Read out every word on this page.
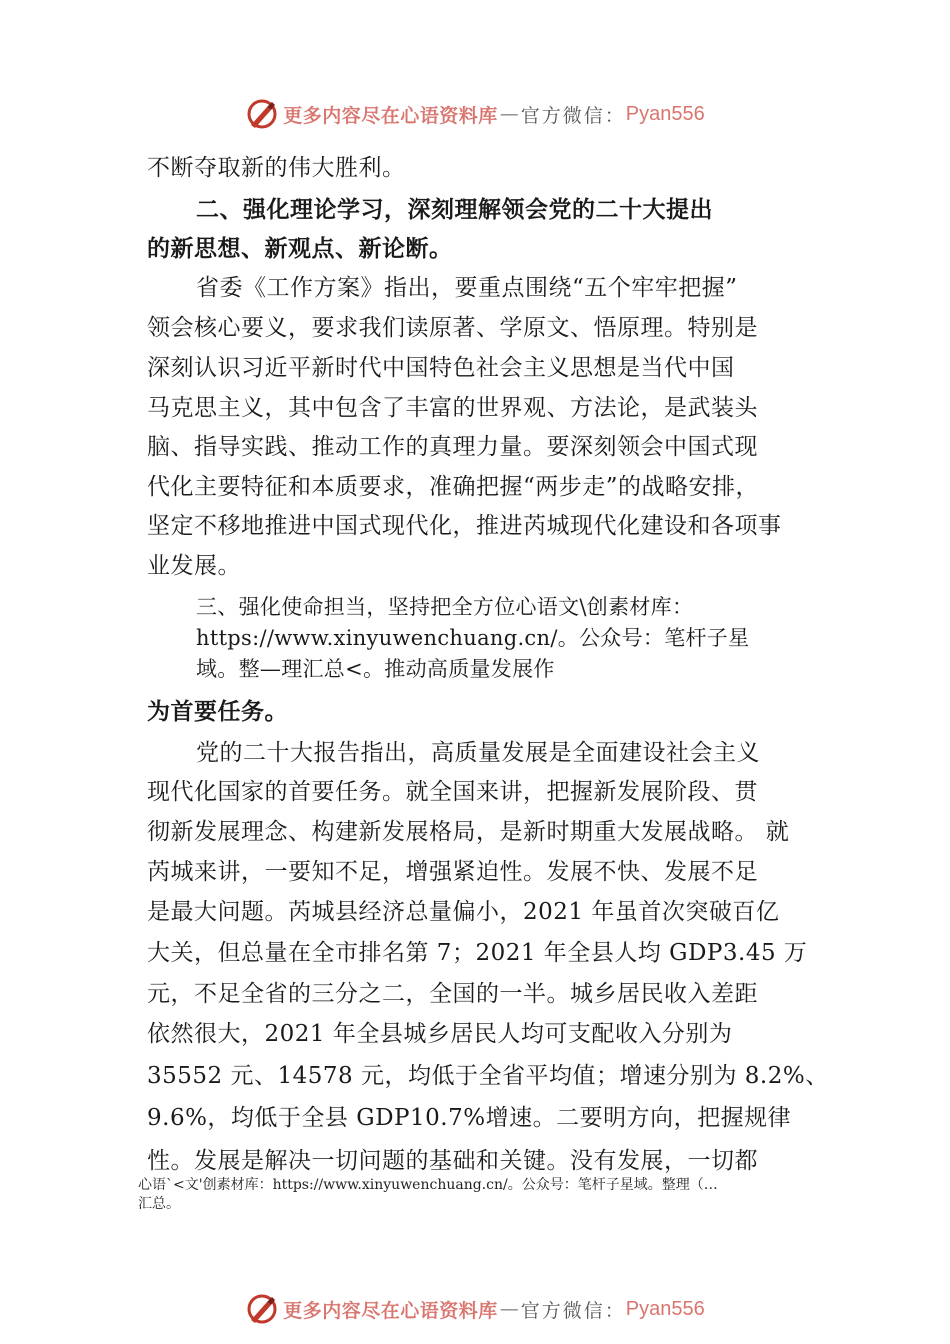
更多内容尽在心语资料库 — 官方微信： Pyan556
不断夺取新的伟大胜利。
二、强化理论学习，深刻理解领会党的二十大提出
的新思想、新观点、新论断。
省委《工作方案》指出，要重点围绕“五个牢牢把握”
领会核心要义，要求我们读原著、学原文、悟原理。特别是
深刻认识习近平新时代中国特色社会主义思想是当代中国
马克思主义，其中包含了丰富的世界观、方法论，是武装头
脑、指导实践、推动工作的真理力量。要深刻领会中国式现
代化主要特征和本质要求，准确把握“两步走”的战略安排，
坚定不移地推进中国式现代化，推进芮城现代化建设和各项事
业发展。
三、强化使命担当，坚持把全方位心语文\创素材库：
https://www.xinyuwenchuang.cn/。公众号：笔杆子星
域。整—理汇总<。推动高质量发展作
为首要任务。
党的二十大报告指出，高质量发展是全面建设社会主义
现代化国家的首要任务。就全国来讲，把握新发展阶段、贯
彻新发展理念、构建新发展格局，是新时期重大发展战略。 就
芮城来讲，一要知不足，增强紧迫性。发展不快、发展不足
是最大问题。芮城县经济总量偏小，2021 年虽首次突破百亿
大关，但总量在全市排名第 7；2021 年全县人均 GDP3.45 万
元，不足全省的三分之二，全国的一半。城乡居民收入差距
依然很大，2021 年全县城乡居民人均可支配收入分别为
35552 元、14578 元，均低于全省平均值；增速分别为 8.2%、
9.6%，均低于全县 GDP10.7%增速。二要明方向，把握规律
性。发展是解决一切问题的基础和关键。没有发展，一切都
心语`<文'创素材库：https://www.xinyuwenchuang.cn/。公众号：笔杆子星域。整理（…
汇总。
更多内容尽在心语资料库 — 官方微信： Pyan556
